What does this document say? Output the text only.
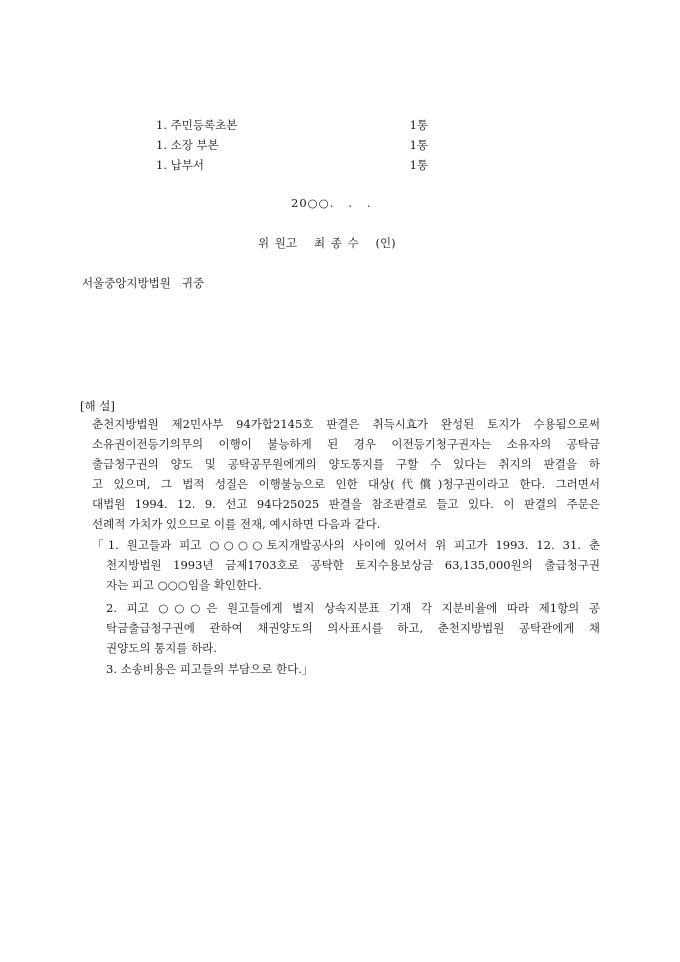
1. 주민등록초본	1통
1. 소장 부본	1통
1. 납부서	1통
20○○.   .   .
위 원고   최 종 수   (인)
서울중앙지방법원   귀중
[해 설]
춘천지방법원 제2민사부 94가합2145호 판결은 취득시효가 완성된 토지가 수용됨으로써
소유권이전등기의무의 이행이 불능하게 된 경우 이전등기청구권자는 소유자의 공탁금
출급청구권의 양도 및 공탁공무원에게의 양도통지를 구할 수 있다는 취지의 판결을 하
고 있으며, 그 법적 성질은 이행불능으로 인한 대상(代償)청구권이라고 한다. 그러면서
대법원 1994. 12. 9. 선고 94다25025 판결을 참조판결로 들고 있다. 이 판결의 주문은
선례적 가치가 있으므로 이를 전재, 예시하면 다음과 같다.
「1. 원고들과 피고 ○○○○토지개발공사의 사이에 있어서 위 피고가 1993. 12. 31. 춘
천지방법원 1993년 금제1703호로 공탁한 토지수용보상금 63,135,000원의 출급청구권
자는 피고 ○○○임을 확인한다.
2. 피고 ○○○은 원고들에게 별지 상속지분표 기재 각 지분비율에 따라 제1항의 공
탁금출급청구권에 관하여 채권양도의 의사표시를 하고, 춘천지방법원 공탁관에게 채
권양도의 통지를 하라.
3. 소송비용은 피고들의 부담으로 한다.」
